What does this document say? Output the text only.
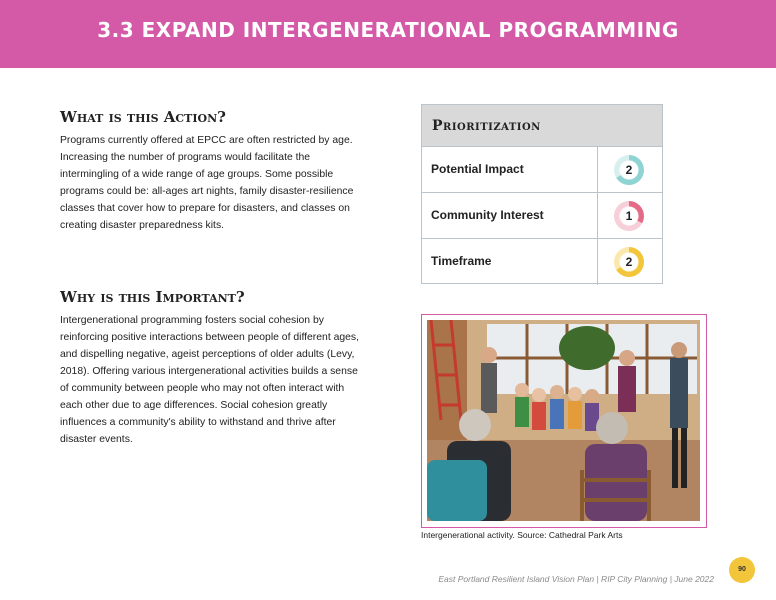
3.3 EXPAND INTERGENERATIONAL PROGRAMMING
What is this Action?

Programs currently offered at EPCC are often restricted by age. Increasing the number of programs would facilitate the intermingling of a wide range of age groups. Some possible programs could be: all-ages art nights, family disaster-resilience classes that cover how to prepare for disasters, and classes on creating disaster preparedness kits.

Why is this Important?

Intergenerational programming fosters social cohesion by reinforcing positive interactions between people of different ages, and dispelling negative, ageist perceptions of older adults (Levy, 2018). Offering various intergenerational activities builds a sense of community between people who may not often interact with each other due to age differences. Social cohesion greatly influences a community's ability to withstand and thrive after disaster events.

Prioritization
Potential Impact	2
Community Interest	1
Timeframe	2
Intergenerational activity. Source: Cathedral Park Arts
East Portland Resilient Island Vision Plan | RIP City Planning | June 2022
90
